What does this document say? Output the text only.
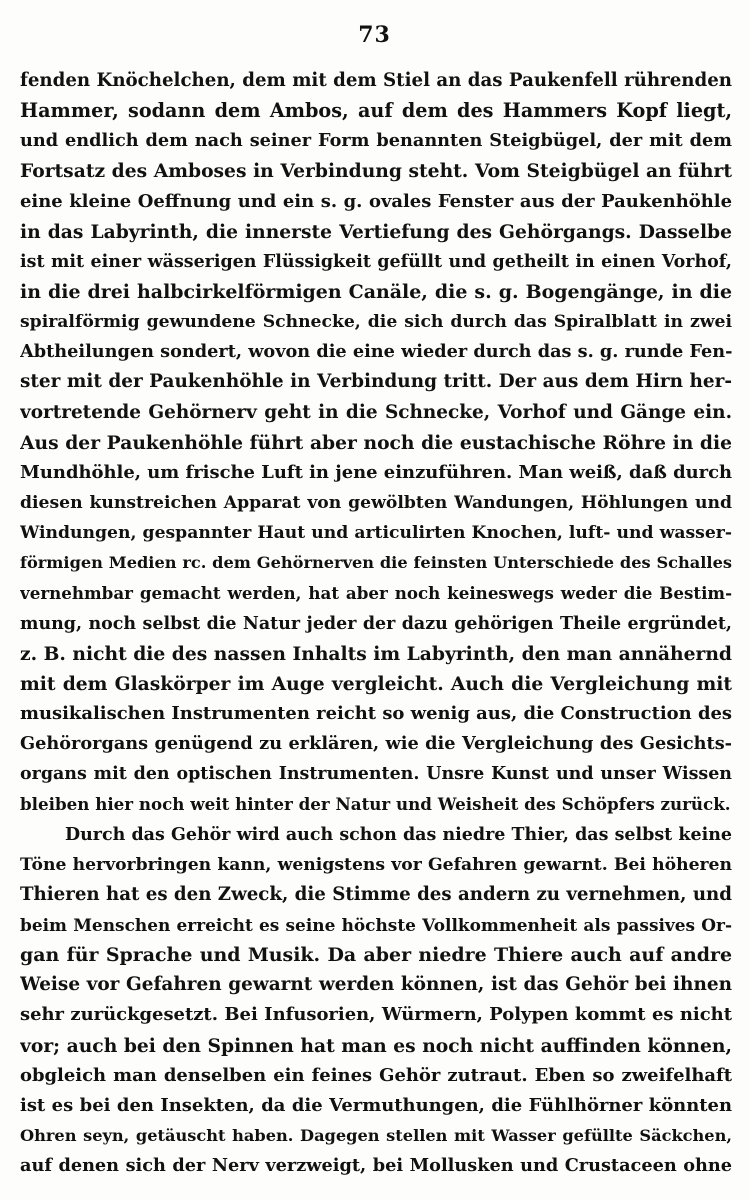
73
fenden Knöchelchen, dem mit dem Stiel an das Paukenfell rührenden
Hammer, sodann dem Ambos, auf dem des Hammers Kopf liegt,
und endlich dem nach seiner Form benannten Steigbügel, der mit dem
Fortsatz des Amboses in Verbindung steht. Vom Steigbügel an führt
eine kleine Oeffnung und ein s. g. ovales Fenster aus der Paukenhöhle
in das Labyrinth, die innerste Vertiefung des Gehörgangs. Dasselbe
ist mit einer wässerigen Flüssigkeit gefüllt und getheilt in einen Vorhof,
in die drei halbcirkelförmigen Canäle, die s. g. Bogengänge, in die
spiralförmig gewundene Schnecke, die sich durch das Spiralblatt in zwei
Abtheilungen sondert, wovon die eine wieder durch das s. g. runde Fen-
ster mit der Paukenhöhle in Verbindung tritt. Der aus dem Hirn her-
vortretende Gehörnerv geht in die Schnecke, Vorhof und Gänge ein.
Aus der Paukenhöhle führt aber noch die eustachische Röhre in die
Mundhöhle, um frische Luft in jene einzuführen. Man weiß, daß durch
diesen kunstreichen Apparat von gewölbten Wandungen, Höhlungen und
Windungen, gespannter Haut und articulirten Knochen, luft- und wasser-
förmigen Medien rc. dem Gehörnerven die feinsten Unterschiede des Schalles
vernehmbar gemacht werden, hat aber noch keineswegs weder die Bestim-
mung, noch selbst die Natur jeder der dazu gehörigen Theile ergründet,
z. B. nicht die des nassen Inhalts im Labyrinth, den man annähernd
mit dem Glaskörper im Auge vergleicht. Auch die Vergleichung mit
musikalischen Instrumenten reicht so wenig aus, die Construction des
Gehörorgans genügend zu erklären, wie die Vergleichung des Gesichts-
organs mit den optischen Instrumenten. Unsre Kunst und unser Wissen
bleiben hier noch weit hinter der Natur und Weisheit des Schöpfers zurück.
Durch das Gehör wird auch schon das niedre Thier, das selbst keine
Töne hervorbringen kann, wenigstens vor Gefahren gewarnt. Bei höheren
Thieren hat es den Zweck, die Stimme des andern zu vernehmen, und
beim Menschen erreicht es seine höchste Vollkommenheit als passives Or-
gan für Sprache und Musik. Da aber niedre Thiere auch auf andre
Weise vor Gefahren gewarnt werden können, ist das Gehör bei ihnen
sehr zurückgesetzt. Bei Infusorien, Würmern, Polypen kommt es nicht
vor; auch bei den Spinnen hat man es noch nicht auffinden können,
obgleich man denselben ein feines Gehör zutraut. Eben so zweifelhaft
ist es bei den Insekten, da die Vermuthungen, die Fühlhörner könnten
Ohren seyn, getäuscht haben. Dagegen stellen mit Wasser gefüllte Säckchen,
auf denen sich der Nerv verzweigt, bei Mollusken und Crustaceen ohne
